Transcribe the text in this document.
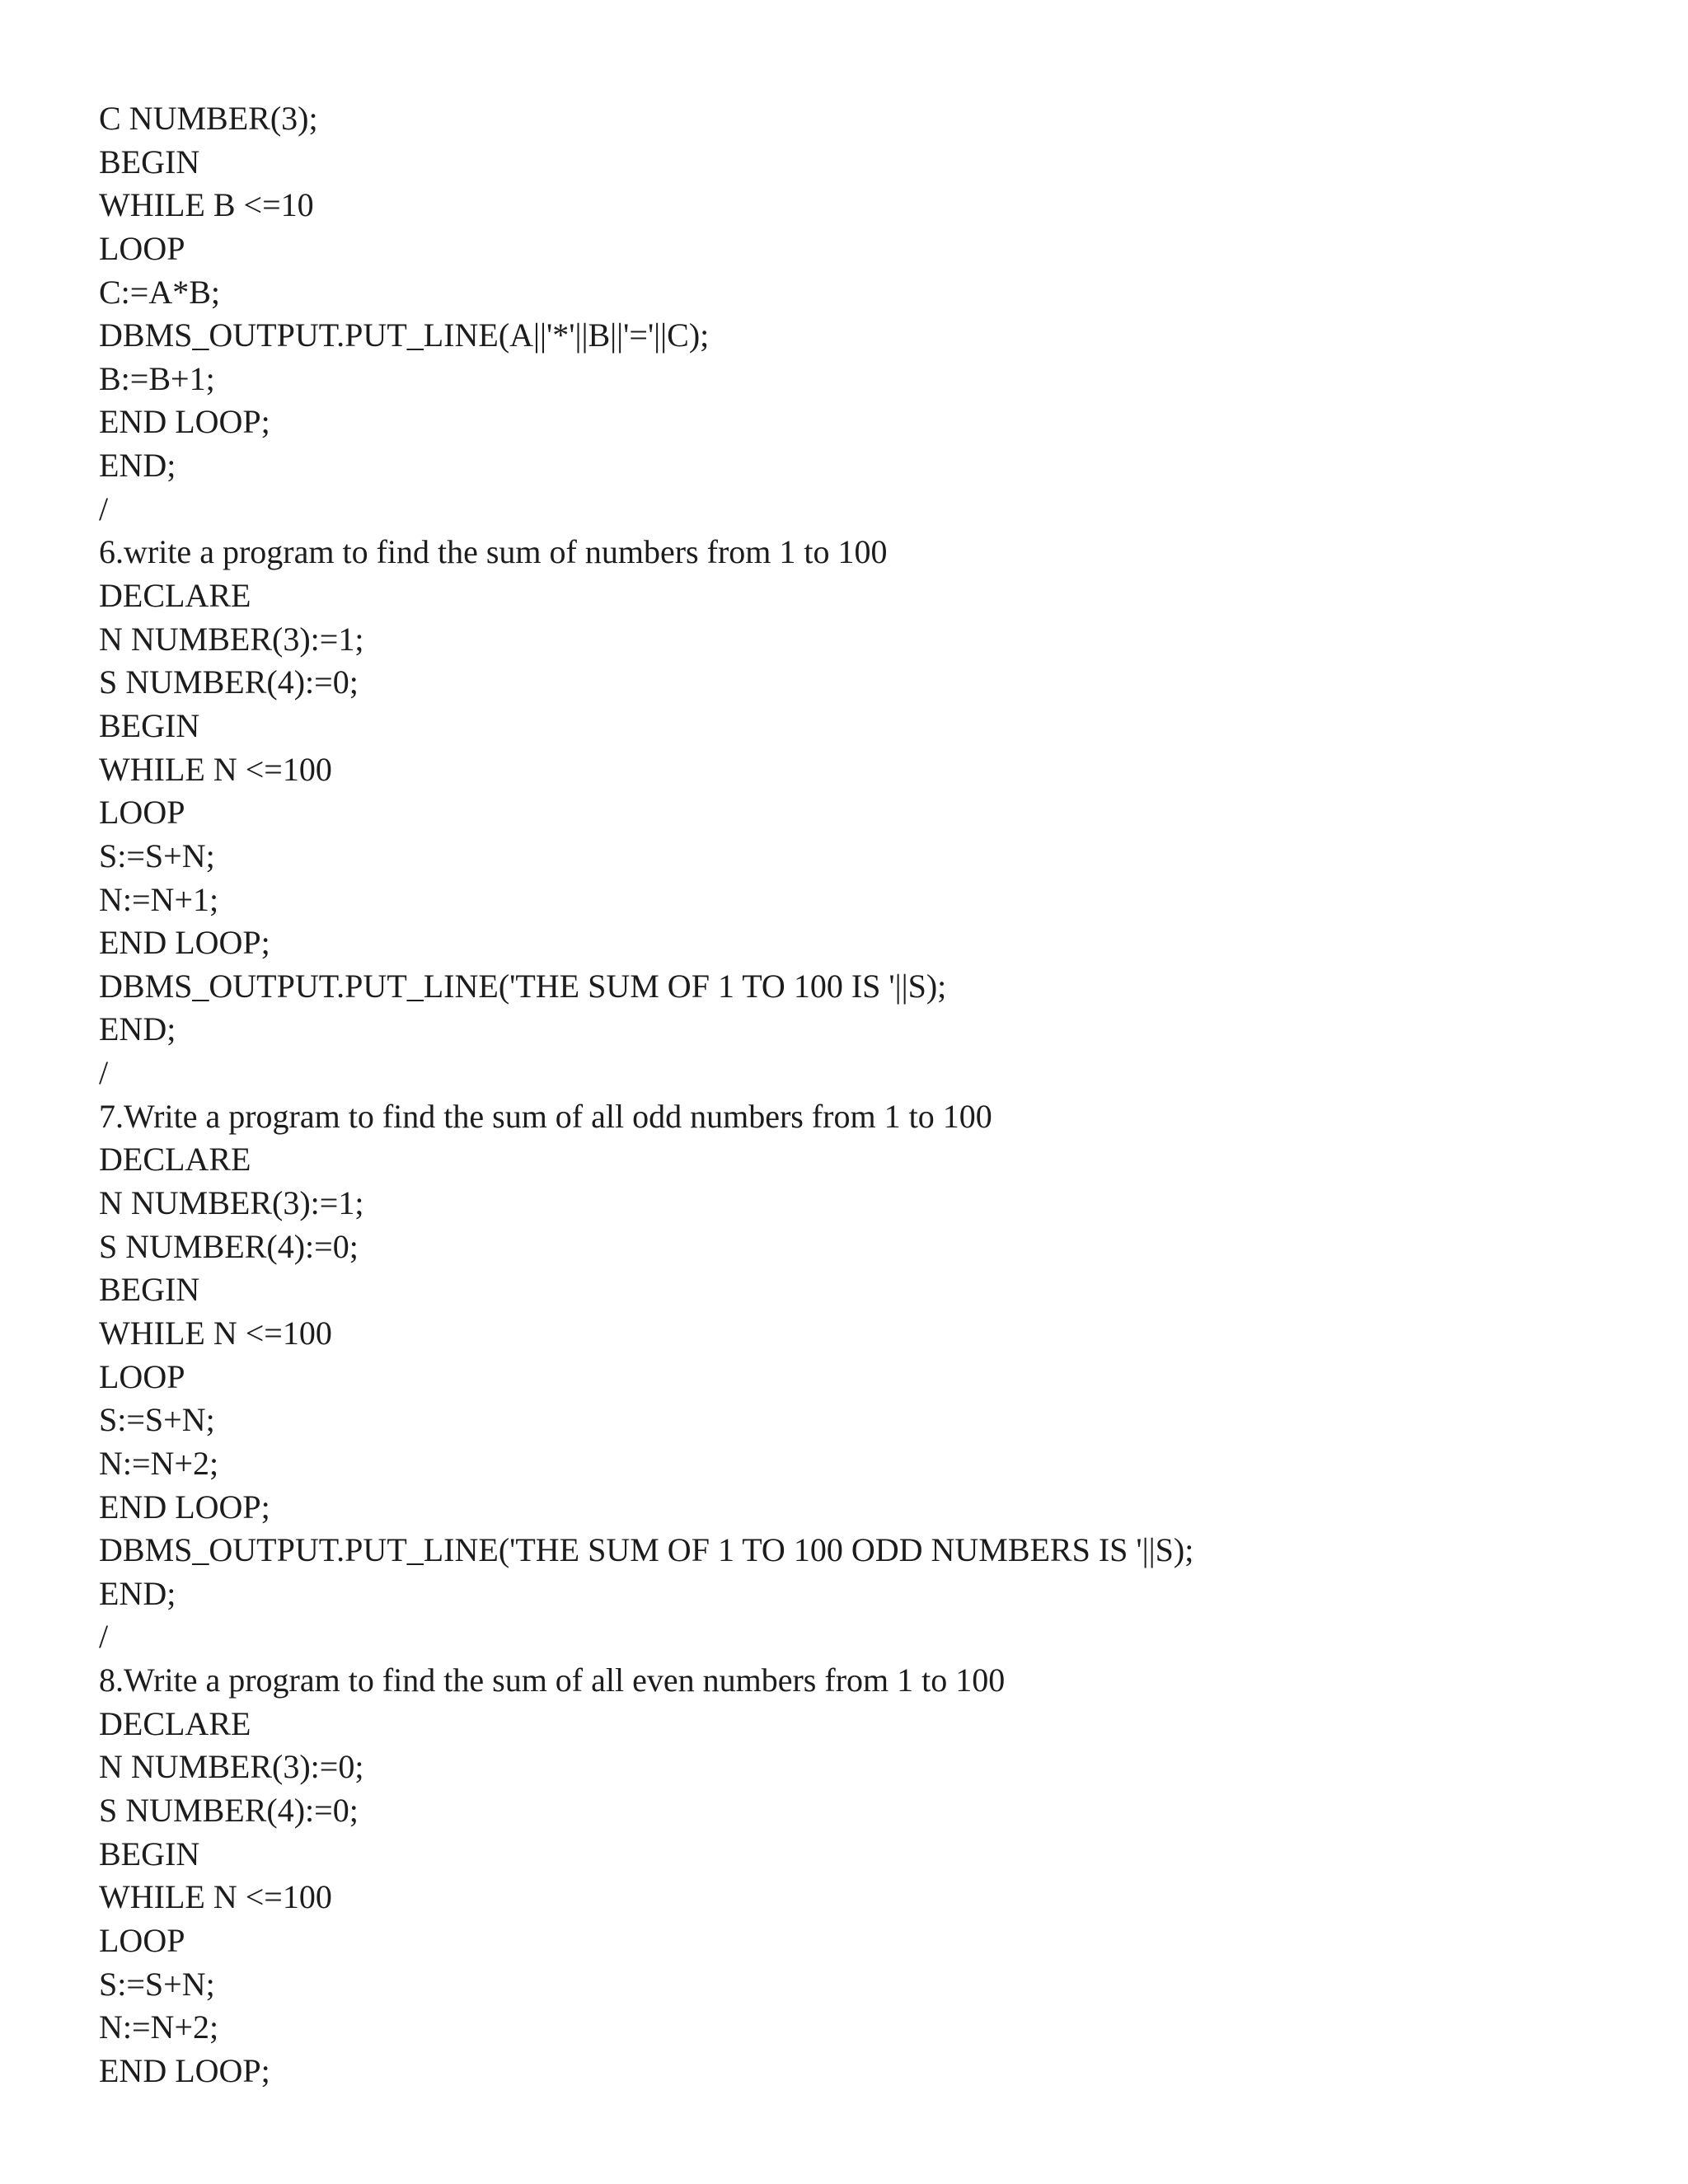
C NUMBER(3);
BEGIN
WHILE B <=10
LOOP
C:=A*B;
DBMS_OUTPUT.PUT_LINE(A||'*'||B||'='||C);
B:=B+1;
END LOOP;
END;
/
6.write a program to find the sum of numbers from 1 to 100
DECLARE
N NUMBER(3):=1;
S NUMBER(4):=0;
BEGIN
WHILE N <=100
LOOP
S:=S+N;
N:=N+1;
END LOOP;
DBMS_OUTPUT.PUT_LINE('THE SUM OF 1 TO 100 IS '||S);
END;
/
7.Write a program to find the sum of all odd numbers from 1 to 100
DECLARE
N NUMBER(3):=1;
S NUMBER(4):=0;
BEGIN
WHILE N <=100
LOOP
S:=S+N;
N:=N+2;
END LOOP;
DBMS_OUTPUT.PUT_LINE('THE SUM OF 1 TO 100 ODD NUMBERS IS '||S);
END;
/
8.Write a program to find the sum of all even numbers from 1 to 100
DECLARE
N NUMBER(3):=0;
S NUMBER(4):=0;
BEGIN
WHILE N <=100
LOOP
S:=S+N;
N:=N+2;
END LOOP;
